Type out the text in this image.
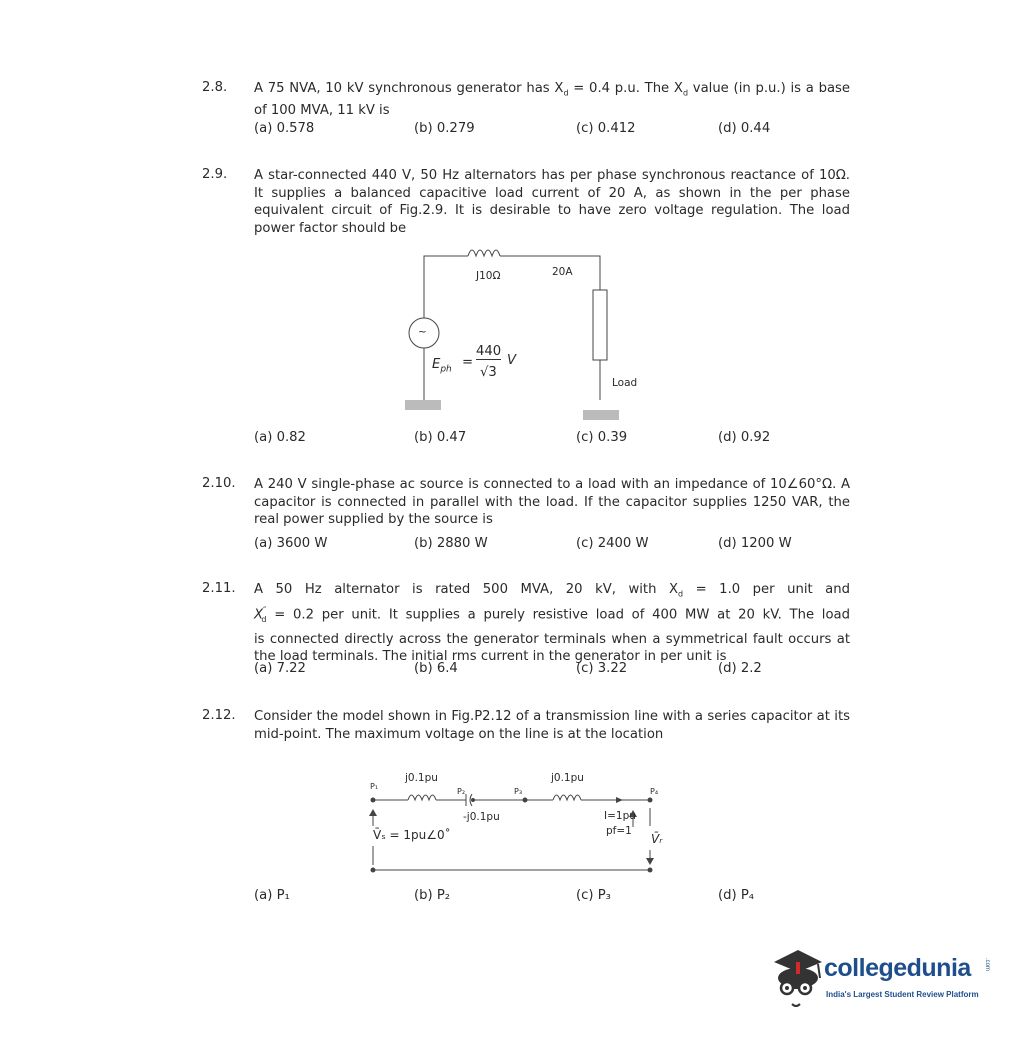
2.8. A 75 NVA, 10 kV synchronous generator has $X_d = 0.4$ p.u. The $X_d$ value (in p.u.) is a base of 100 MVA, 11 kV is
(a) 0.578	(b) 0.279	(c) 0.412	(d) 0.44
2.9. A star-connected 440 V, 50 Hz alternators has per phase synchronous reactance of 10Ω. It supplies a balanced capacitive load current of 20 A, as shown in the per phase equivalent circuit of Fig.2.9. It is desirable to have zero voltage regulation. The load power factor should be
~
J10Ω	20A
$E_{ph}$ =
440
√3
V
Load
(a) 0.82	(b) 0.47	(c) 0.39	(d) 0.92
2.10. A 240 V single-phase ac source is connected to a load with an impedance of 10∠60°Ω. A capacitor is connected in parallel with the load. If the capacitor supplies 1250 VAR, the real power supplied by the source is
(a) 3600 W	(b) 2880 W	(c) 2400 W	(d) 1200 W
2.11. A 50 Hz alternator is rated 500 MVA, 20 kV, with $X_d = 1.0$ per unit and
$X''_d = 0.2$ per unit. It supplies a purely resistive load of 400 MW at 20 kV. The load
is connected directly across the generator terminals when a symmetrical fault occurs at the load terminals. The initial rms current in the generator in per unit is
(a) 7.22	(b) 6.4	(c) 3.22	(d) 2.2
2.12. Consider the model shown in Fig.P2.12 of a transmission line with a series capacitor at its mid-point. The maximum voltage on the line is at the location
j0.1pu	j0.1pu
-j0.1pu
P₁
P₂	P₃	P₄
V̄ₛ = 1pu∠0˚
I=1pu
pf=1
V̄ᵣ
(a) P₁	(b) P₂	(c) P₃	(d) P₄
collegedunia .com
India's Largest Student Review Platform
